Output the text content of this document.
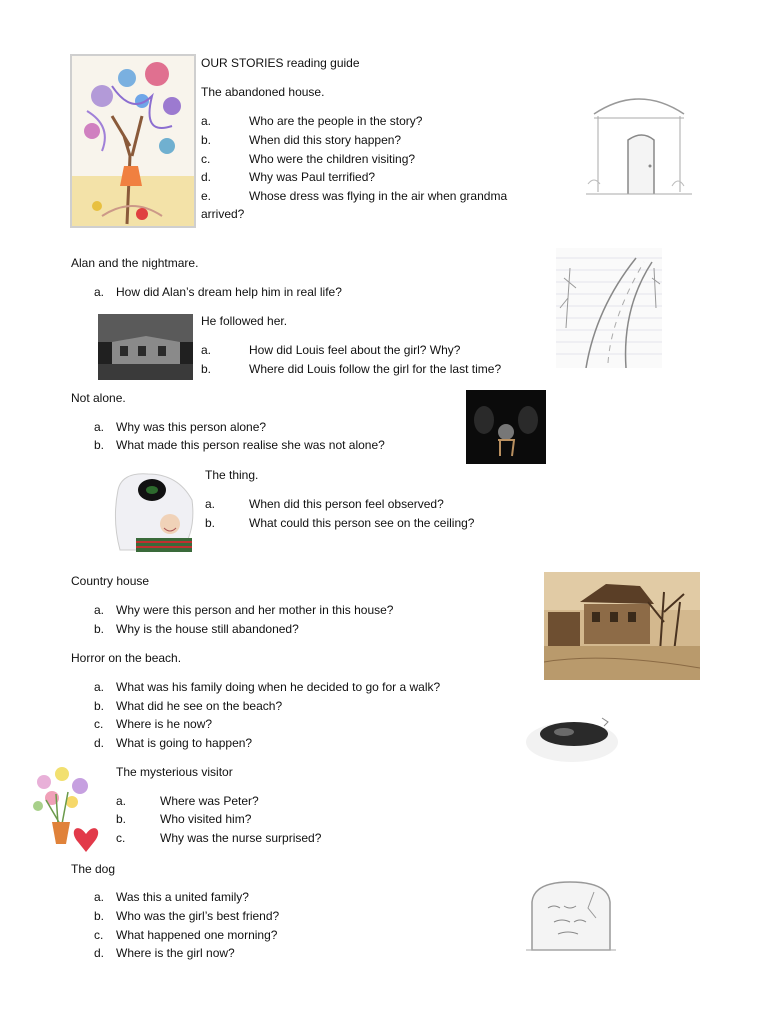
OUR STORIES reading guide
The abandoned house.
a.	Who are the people in the story?
b.	When did this story happen?
c.	Who were the children visiting?
d.	Why was Paul terrified?
e.	Whose dress was flying in the air when grandma
arrived?
Alan and the nightmare.
a. How did Alan’s dream help him in real life?
He followed her.
a.	How did Louis feel about the girl? Why?
b.	Where did Louis follow the girl for the last time?
Not alone.
a. Why was this person alone?
b. What made this person realise she was not alone?
The thing.
a.	When did this person feel observed?
b.	What could this person see on the ceiling?
Country house
a. Why were this person and her mother in this house?
b. Why is the house still abandoned?
Horror on the beach.
a. What was his family doing when he decided to go for a walk?
b. What did he see on the beach?
c. Where is he now?
d. What is going to happen?
The mysterious visitor
a.	Where was Peter?
b.	Who visited him?
c.	Why was the nurse surprised?
The dog
a. Was this a united family?
b. Who was the girl’s best friend?
c. What happened one morning?
d. Where is the girl now?
